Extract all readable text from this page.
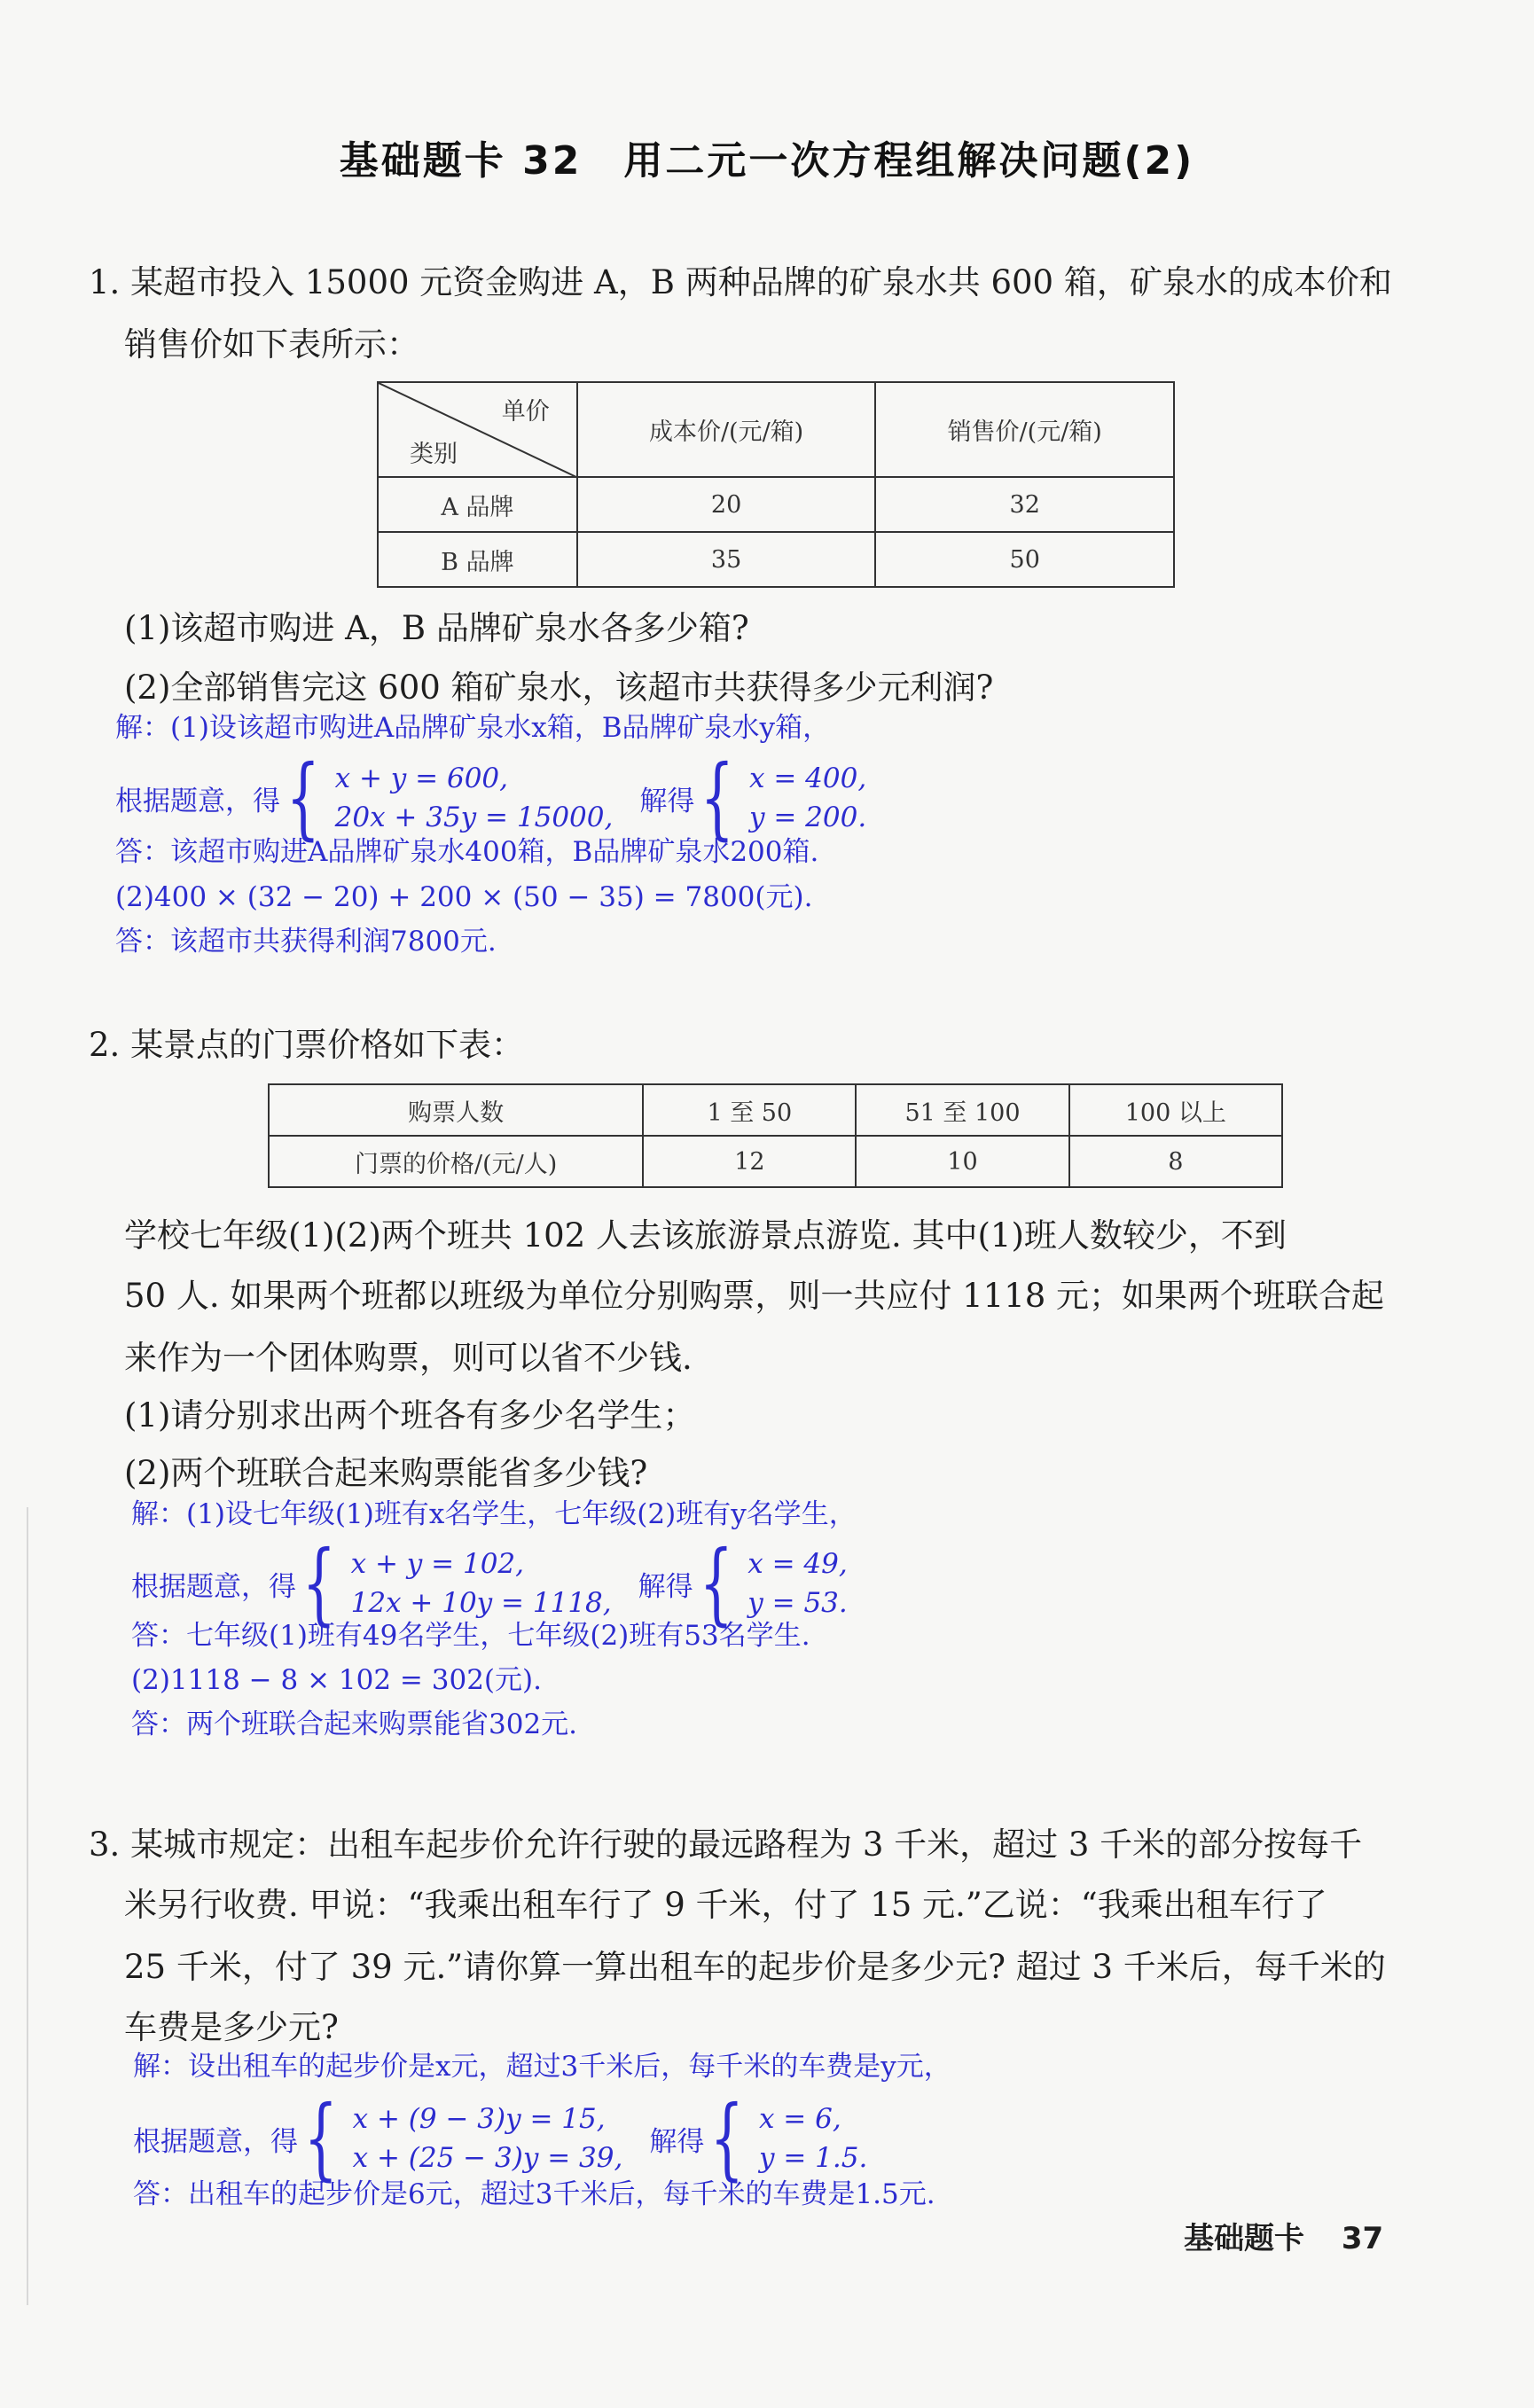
基础题卡 32　用二元一次方程组解决问题(2)
1. 某超市投入 15000 元资金购进 A，B 两种品牌的矿泉水共 600 箱，矿泉水的成本价和
销售价如下表所示：
单价
类别	成本价/(元/箱)	销售价/(元/箱)
A 品牌	20	32
B 品牌	35	50
(1)该超市购进 A，B 品牌矿泉水各多少箱?
(2)全部销售完这 600 箱矿泉水，该超市共获得多少元利润?
解：(1)设该超市购进A品牌矿泉水x箱，B品牌矿泉水y箱，
根据题意，得 { x + y = 600,
20x + 35y = 15000,
解得 { x = 400,
y = 200.
答：该超市购进A品牌矿泉水400箱，B品牌矿泉水200箱.
(2)400 × (32 − 20) + 200 × (50 − 35) = 7800(元).
答：该超市共获得利润7800元.
2. 某景点的门票价格如下表：
购票人数	1 至 50	51 至 100	100 以上
门票的价格/(元/人)	12	10	8
学校七年级(1)(2)两个班共 102 人去该旅游景点游览. 其中(1)班人数较少，不到
50 人. 如果两个班都以班级为单位分别购票，则一共应付 1118 元；如果两个班联合起
来作为一个团体购票，则可以省不少钱.
(1)请分别求出两个班各有多少名学生；
(2)两个班联合起来购票能省多少钱?
解：(1)设七年级(1)班有x名学生，七年级(2)班有y名学生，
根据题意，得 { x + y = 102,
12x + 10y = 1118,
解得 { x = 49,
y = 53.
答：七年级(1)班有49名学生，七年级(2)班有53名学生.
(2)1118 − 8 × 102 = 302(元).
答：两个班联合起来购票能省302元.
3. 某城市规定：出租车起步价允许行驶的最远路程为 3 千米，超过 3 千米的部分按每千
米另行收费. 甲说：“我乘出租车行了 9 千米，付了 15 元.”乙说：“我乘出租车行了
25 千米，付了 39 元.”请你算一算出租车的起步价是多少元? 超过 3 千米后，每千米的
车费是多少元?
解：设出租车的起步价是x元，超过3千米后，每千米的车费是y元，
根据题意，得 { x + (9 − 3)y = 15,
x + (25 − 3)y = 39,
解得 { x = 6,
y = 1.5.
答：出租车的起步价是6元，超过3千米后，每千米的车费是1.5元.
基础题卡 37
